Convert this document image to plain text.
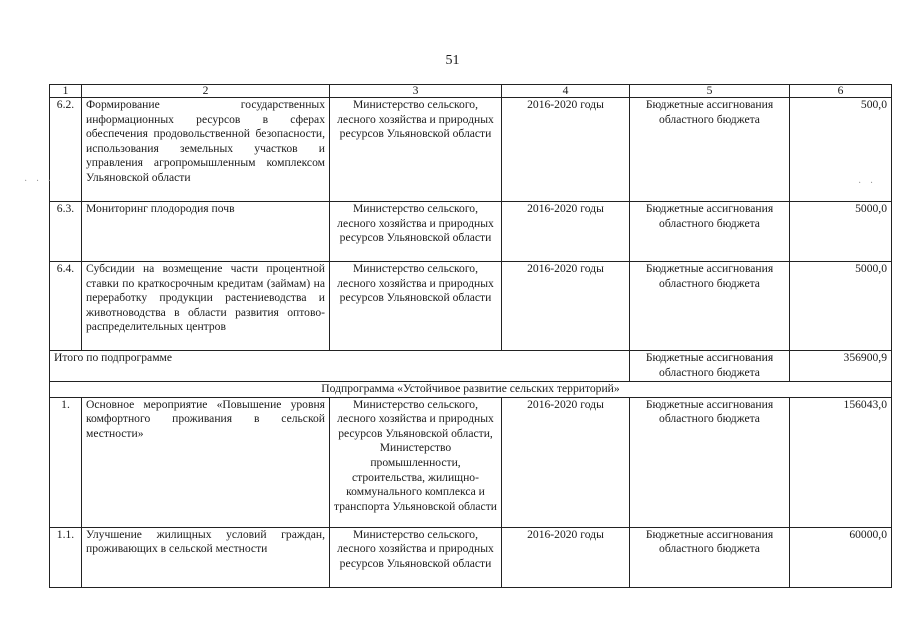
51
1	2	3	4	5	6
6.2.	Формирование государственных информационных ресурсов в сферах обеспечения продовольственной безопасности, использования земельных участков и управления агропромышленным комплексом Ульяновской области	Министерство сельского, лесного хозяйства и природных ресурсов Ульяновской области	2016-2020 годы	Бюджетные ассигнования областного бюджета	500,0
6.3.	Мониторинг плодородия почв	Министерство сельского, лесного хозяйства и природных ресурсов Ульяновской области	2016-2020 годы	Бюджетные ассигнования областного бюджета	5000,0
6.4.	Субсидии на возмещение части процентной ставки по краткосрочным кредитам (займам) на переработку продукции растениеводства и животноводства в области развития оптово-распределительных центров	Министерство сельского, лесного хозяйства и природных ресурсов Ульяновской области	2016-2020 годы	Бюджетные ассигнования областного бюджета	5000,0
Итого по подпрограмме				Бюджетные ассигнования областного бюджета	356900,9
Подпрограмма «Устойчивое развитие сельских территорий»					
1.	Основное мероприятие «Повышение уровня комфортного проживания в сельской местности»	Министерство сельского, лесного хозяйства и природных ресурсов Ульяновской области, Министерство промышленности, строительства, жилищно-коммунального комплекса и транспорта Ульяновской области	2016-2020 годы	Бюджетные ассигнования областного бюджета	156043,0
1.1.	Улучшение жилищных условий граждан, проживающих в сельской местности	Министерство сельского, лесного хозяйства и природных ресурсов Ульяновской области	2016-2020 годы	Бюджетные ассигнования областного бюджета	60000,0
· · ·	· ·
